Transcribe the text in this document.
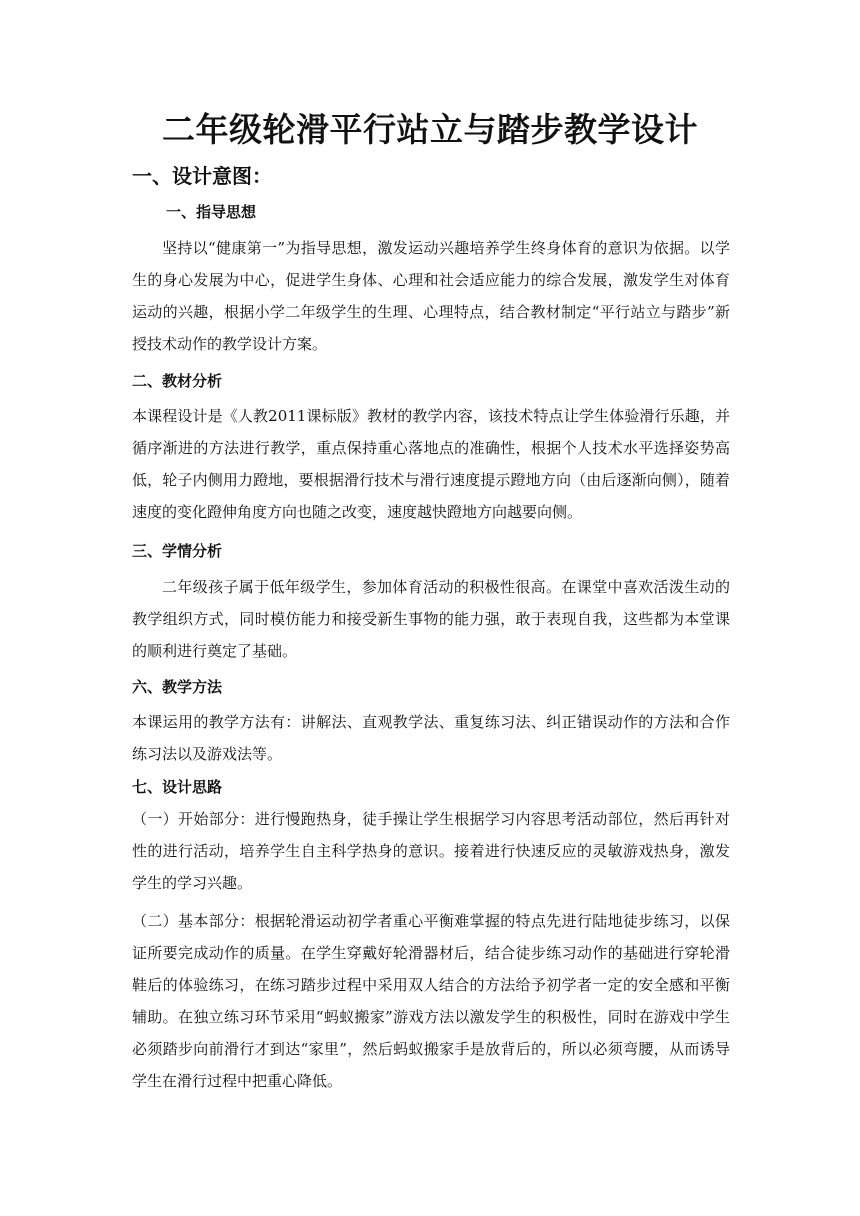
二年级轮滑平行站立与踏步教学设计
一、设计意图：
一、指导思想

坚持以“健康第一”为指导思想，激发运动兴趣培养学生终身体育的意识为依据。以学生的身心发展为中心，促进学生身体、心理和社会适应能力的综合发展，激发学生对体育运动的兴趣，根据小学二年级学生的生理、心理特点，结合教材制定“平行站立与踏步”新授技术动作的教学设计方案。

二、教材分析

本课程设计是《人教2011课标版》教材的教学内容，该技术特点让学生体验滑行乐趣，并循序渐进的方法进行教学，重点保持重心落地点的准确性，根据个人技术水平选择姿势高低，轮子内侧用力蹬地，要根据滑行技术与滑行速度提示蹬地方向（由后逐渐向侧），随着速度的变化蹬伸角度方向也随之改变，速度越快蹬地方向越要向侧。

三、学情分析

二年级孩子属于低年级学生，参加体育活动的积极性很高。在课堂中喜欢活泼生动的教学组织方式，同时模仿能力和接受新生事物的能力强，敢于表现自我，这些都为本堂课的顺利进行奠定了基础。

六、教学方法

本课运用的教学方法有：讲解法、直观教学法、重复练习法、纠正错误动作的方法和合作练习法以及游戏法等。

七、设计思路

（一）开始部分：进行慢跑热身，徒手操让学生根据学习内容思考活动部位，然后再针对性的进行活动，培养学生自主科学热身的意识。接着进行快速反应的灵敏游戏热身，激发学生的学习兴趣。

（二）基本部分：根据轮滑运动初学者重心平衡难掌握的特点先进行陆地徒步练习，以保证所要完成动作的质量。在学生穿戴好轮滑器材后，结合徒步练习动作的基础进行穿轮滑鞋后的体验练习，在练习踏步过程中采用双人结合的方法给予初学者一定的安全感和平衡辅助。在独立练习环节采用“蚂蚁搬家”游戏方法以激发学生的积极性，同时在游戏中学生必须踏步向前滑行才到达“家里”，然后蚂蚁搬家手是放背后的，所以必须弯腰，从而诱导学生在滑行过程中把重心降低。
